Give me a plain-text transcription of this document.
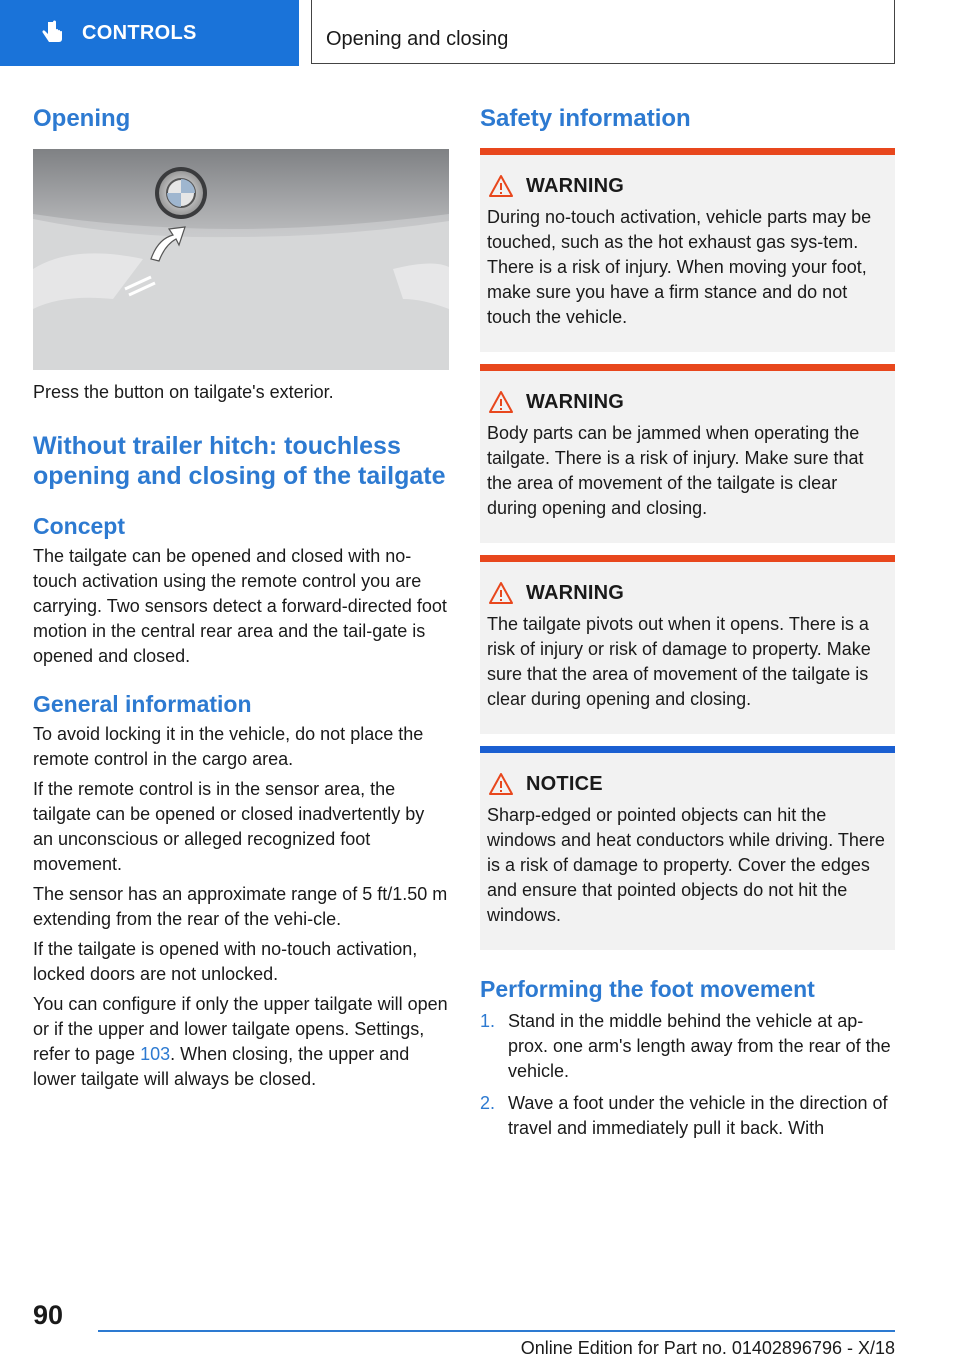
CONTROLS	Opening and closing
Opening

Press the button on tailgate's exterior.

Without trailer hitch: touchless opening and closing of the tailgate
Concept

The tailgate can be opened and closed with no-touch activation using the remote control you are carrying. Two sensors detect a forward-directed foot motion in the central rear area and the tail-gate is opened and closed.

General information

To avoid locking it in the vehicle, do not place the remote control in the cargo area.

If the remote control is in the sensor area, the tailgate can be opened or closed inadvertently by an unconscious or alleged recognized foot movement.

The sensor has an approximate range of 5 ft/1.50 m extending from the rear of the vehi-cle.

If the tailgate is opened with no-touch activation, locked doors are not unlocked.

You can configure if only the upper tailgate will open or if the upper and lower tailgate opens. Settings, refer to page 103. When closing, the upper and lower tailgate will always be closed.

Safety information
WARNING
During no-touch activation, vehicle parts may be touched, such as the hot exhaust gas sys-tem. There is a risk of injury. When moving your foot, make sure you have a firm stance and do not touch the vehicle.
WARNING
Body parts can be jammed when operating the tailgate. There is a risk of injury. Make sure that the area of movement of the tailgate is clear during opening and closing.
WARNING
The tailgate pivots out when it opens. There is a risk of injury or risk of damage to property. Make sure that the area of movement of the tailgate is clear during opening and closing.
NOTICE
Sharp-edged or pointed objects can hit the windows and heat conductors while driving. There is a risk of damage to property. Cover the edges and ensure that pointed objects do not hit the windows.
Performing the foot movement
1. Stand in the middle behind the vehicle at ap-prox. one arm's length away from the rear of the vehicle.
2. Wave a foot under the vehicle in the direction of travel and immediately pull it back. With
90
Online Edition for Part no. 01402896796 - X/18
